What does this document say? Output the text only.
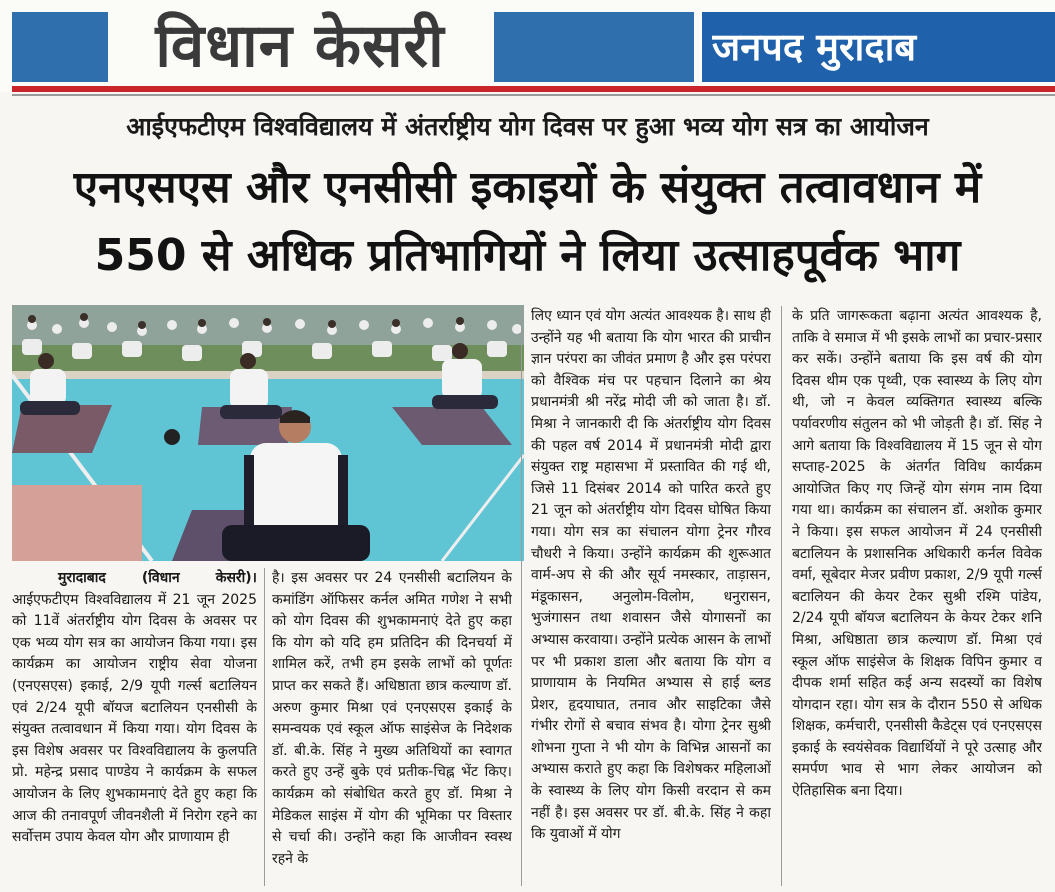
विधान केसरी	जनपद मुरादाब
आईएफटीएम विश्वविद्यालय में अंतर्राष्ट्रीय योग दिवस पर हुआ भव्य योग सत्र का आयोजन
एनएसएस और एनसीसी इकाइयों के संयुक्त तत्वावधान में
550 से अधिक प्रतिभागियों ने लिया उत्साहपूर्वक भाग
मुरादाबाद (विधान केसरी)। आईएफटीएम विश्वविद्यालय में 21 जून 2025 को 11वें अंतर्राष्ट्रीय योग दिवस के अवसर पर एक भव्य योग सत्र का आयोजन किया गया। इस कार्यक्रम का आयोजन राष्ट्रीय सेवा योजना (एनएसएस) इकाई, 2/9 यूपी गर्ल्स बटालियन एवं 2/24 यूपी बॉयज बटालियन एनसीसी के संयुक्त तत्वावधान में किया गया। योग दिवस के इस विशेष अवसर पर विश्वविद्यालय के कुलपति प्रो. महेन्द्र प्रसाद पाण्डेय ने कार्यक्रम के सफल आयोजन के लिए शुभकामनाएं देते हुए कहा कि आज की तनावपूर्ण जीवनशैली में निरोग रहने का सर्वोत्तम उपाय केवल योग और प्राणायाम ही
है। इस अवसर पर 24 एनसीसी बटालियन के कमांडिंग ऑफिसर कर्नल अमित गणेश ने सभी को योग दिवस की शुभकामनाएं देते हुए कहा कि योग को यदि हम प्रतिदिन की दिनचर्या में शामिल करें, तभी हम इसके लाभों को पूर्णतः प्राप्त कर सकते हैं। अधिष्ठाता छात्र कल्याण डॉ. अरुण कुमार मिश्रा एवं एनएसएस इकाई के समन्वयक एवं स्कूल ऑफ साइंसेज के निदेशक डॉ. बी.के. सिंह ने मुख्य अतिथियों का स्वागत करते हुए उन्हें बुके एवं प्रतीक-चिह्न भेंट किए। कार्यक्रम को संबोधित करते हुए डॉ. मिश्रा ने मेडिकल साइंस में योग की भूमिका पर विस्तार से चर्चा की। उन्होंने कहा कि आजीवन स्वस्थ रहने के
लिए ध्यान एवं योग अत्यंत आवश्यक है। साथ ही उन्होंने यह भी बताया कि योग भारत की प्राचीन ज्ञान परंपरा का जीवंत प्रमाण है और इस परंपरा को वैश्विक मंच पर पहचान दिलाने का श्रेय प्रधानमंत्री श्री नरेंद्र मोदी जी को जाता है। डॉ. मिश्रा ने जानकारी दी कि अंतर्राष्ट्रीय योग दिवस की पहल वर्ष 2014 में प्रधानमंत्री मोदी द्वारा संयुक्त राष्ट्र महासभा में प्रस्तावित की गई थी, जिसे 11 दिसंबर 2014 को पारित करते हुए 21 जून को अंतर्राष्ट्रीय योग दिवस घोषित किया गया। योग सत्र का संचालन योगा ट्रेनर गौरव चौधरी ने किया। उन्होंने कार्यक्रम की शुरूआत वार्म-अप से की और सूर्य नमस्कार, ताड़ासन, मंडूकासन, अनुलोम-विलोम, धनुरासन, भुजंगासन तथा शवासन जैसे योगासनों का अभ्यास करवाया। उन्होंने प्रत्येक आसन के लाभों पर भी प्रकाश डाला और बताया कि योग व प्राणायाम के नियमित अभ्यास से हाई ब्लड प्रेशर, हृदयाघात, तनाव और साइटिका जैसे गंभीर रोगों से बचाव संभव है। योगा ट्रेनर सुश्री शोभना गुप्ता ने भी योग के विभिन्न आसनों का अभ्यास कराते हुए कहा कि विशेषकर महिलाओं के स्वास्थ्य के लिए योग किसी वरदान से कम नहीं है। इस अवसर पर डॉ. बी.के. सिंह ने कहा कि युवाओं में योग
के प्रति जागरूकता बढ़ाना अत्यंत आवश्यक है, ताकि वे समाज में भी इसके लाभों का प्रचार-प्रसार कर सकें। उन्होंने बताया कि इस वर्ष की योग दिवस थीम एक पृथ्वी, एक स्वास्थ्य के लिए योग थी, जो न केवल व्यक्तिगत स्वास्थ्य बल्कि पर्यावरणीय संतुलन को भी जोड़ती है। डॉ. सिंह ने आगे बताया कि विश्वविद्यालय में 15 जून से योग सप्ताह-2025 के अंतर्गत विविध कार्यक्रम आयोजित किए गए जिन्हें योग संगम नाम दिया गया था। कार्यक्रम का संचालन डॉ. अशोक कुमार ने किया। इस सफल आयोजन में 24 एनसीसी बटालियन के प्रशासनिक अधिकारी कर्नल विवेक वर्मा, सूबेदार मेजर प्रवीण प्रकाश, 2/9 यूपी गर्ल्स बटालियन की केयर टेकर सुश्री रश्मि पांडेय, 2/24 यूपी बॉयज बटालियन के केयर टेकर शनि मिश्रा, अधिष्ठाता छात्र कल्याण डॉ. मिश्रा एवं स्कूल ऑफ साइंसेज के शिक्षक विपिन कुमार व दीपक शर्मा सहित कई अन्य सदस्यों का विशेष योगदान रहा। योग सत्र के दौरान 550 से अधिक शिक्षक, कर्मचारी, एनसीसी कैडेट्स एवं एनएसएस इकाई के स्वयंसेवक विद्यार्थियों ने पूरे उत्साह और समर्पण भाव से भाग लेकर आयोजन को ऐतिहासिक बना दिया।
